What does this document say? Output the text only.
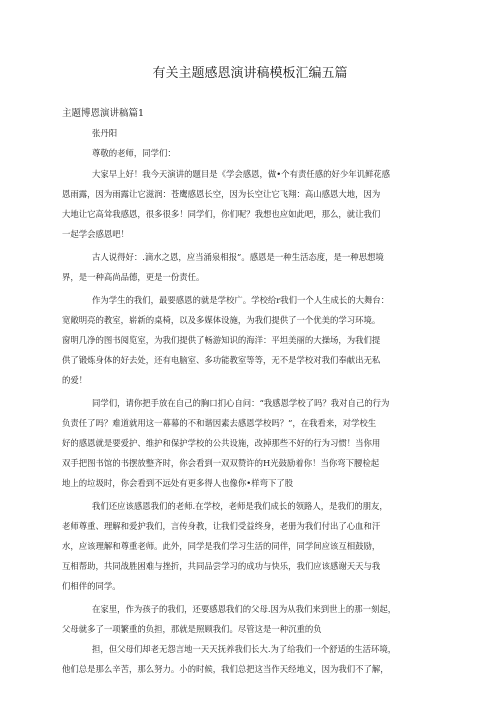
有关主题感恩演讲稿模板汇编五篇
主题博恩演讲稿篇1
张丹阳
尊敬的老师，同学们：
大家早上好！我今天演讲的题目是《学会感恩，做•个有责任感的好少年讥鲜花感
恩雨露，因为雨露让它滋润：苍鹰感恩长空，因为长空让它飞翔：高山感恩大地，因为
大地让它高耸我感恩，很多很多！同学们，你们呢？我想也应如此吧，那么，就让我们
一起学会感恩吧！
古人说得好：.滴水之恩，应当涌泉相报”。感恩是一种生活态度，是一种思想境
界，是一种高尚品德，更是一份责任。
作为学生的我们，最要感恩的就是学校广。学校给r我们一个人生成长的大舞台：
宽敞明亮的教室，崭新的桌椅，以及多媒体设施，为我们提供了一个优美的学习环境。
窗明几净的图书阅览室，为我们提供了畅游知识的海洋：平坦美丽的大操场，为我们提
供了锻炼身体的好去处，还有电脑室、多功能教室等等，无不是学校对我们奉献出无私
的爱！
同学们，请你把手放在自己的胸口扪心自问：“我感恩学校了吗？我对自己的行为
负责任了吗？难道就用这一幕幕的不和谐因素去感恩学校吗？”，在我看来，对学校生
好的感恩就是要爱护、维护和保护学校的公共设施，改掉那些不好的行为习惯！当你用
双手把图书馆的书摆放整齐时，你会看到一双双赞许的H光鼓励着你！当你弯下腰检起
地上的垃圾时，你会看到不远处有更多得人也像你•样弯下了股
我们还应该感恩我们的老师.在学校，老师是我们成长的领路人，是我们的朋友，
老师尊重、理解和爱护我们，言传身教，让我们受益终身，老册为我们付出了心血和汗
水，应该理解和尊重老师。此外，同学是我们学习生活的同伴，同学间应该互相鼓励，
互相帮助，共同战胜困难与挫折，共同品尝学习的成功与快乐，我们应该感谢天天与我
们相伴的同学。
在家里，作为孩子的我们，还要感恩我们的父母.因为从我们来到世上的那一刻起，
父母就多了一项繁重的负担，那就是照顾我们。尽管这是一种沉重的负
担，但父母们却老无怨言地一天天抚养我们长大.为了给我们一个舒适的生活环境，
他们总是那么辛苦，那么努力。小的时候，我们总把这当作天经地义，因为我们不了解，
